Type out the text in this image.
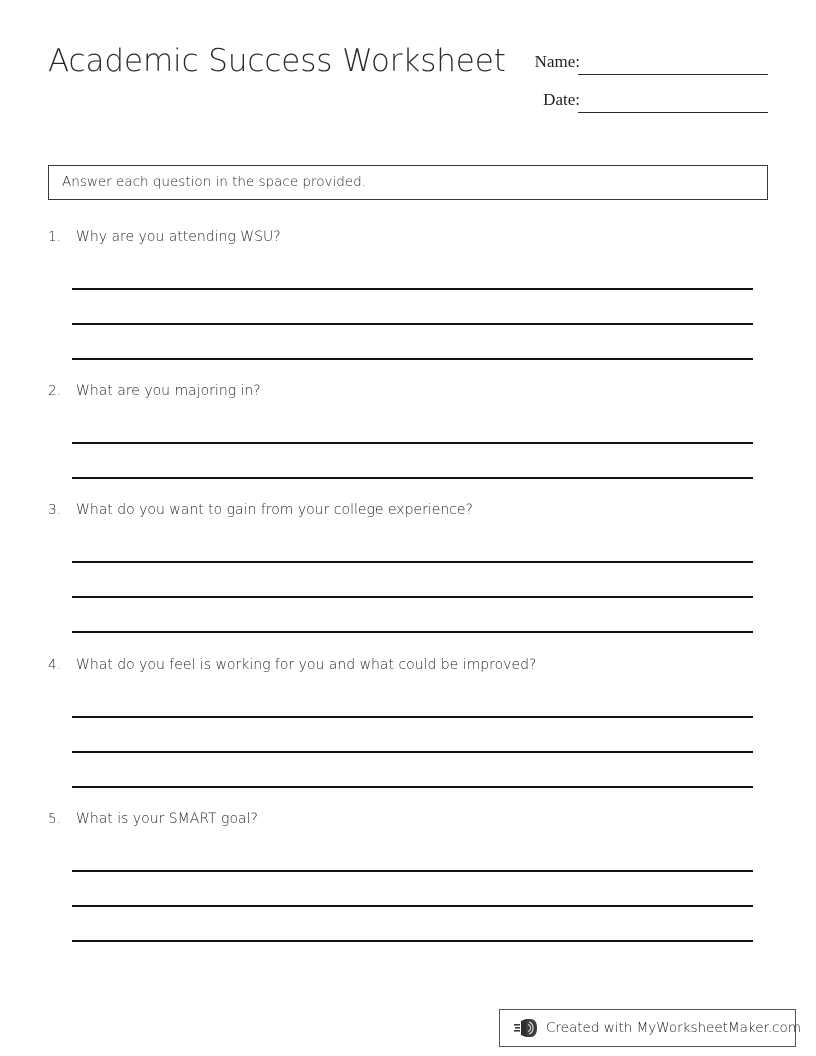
Academic Success Worksheet Name:
Date:
Answer each question in the space provided.
1.	Why are you attending WSU?
2.	What are you majoring in?
3.	What do you want to gain from your college experience?
4.	What do you feel is working for you and what could be improved?
5.	What is your SMART goal?
Created with MyWorksheetMaker.com
